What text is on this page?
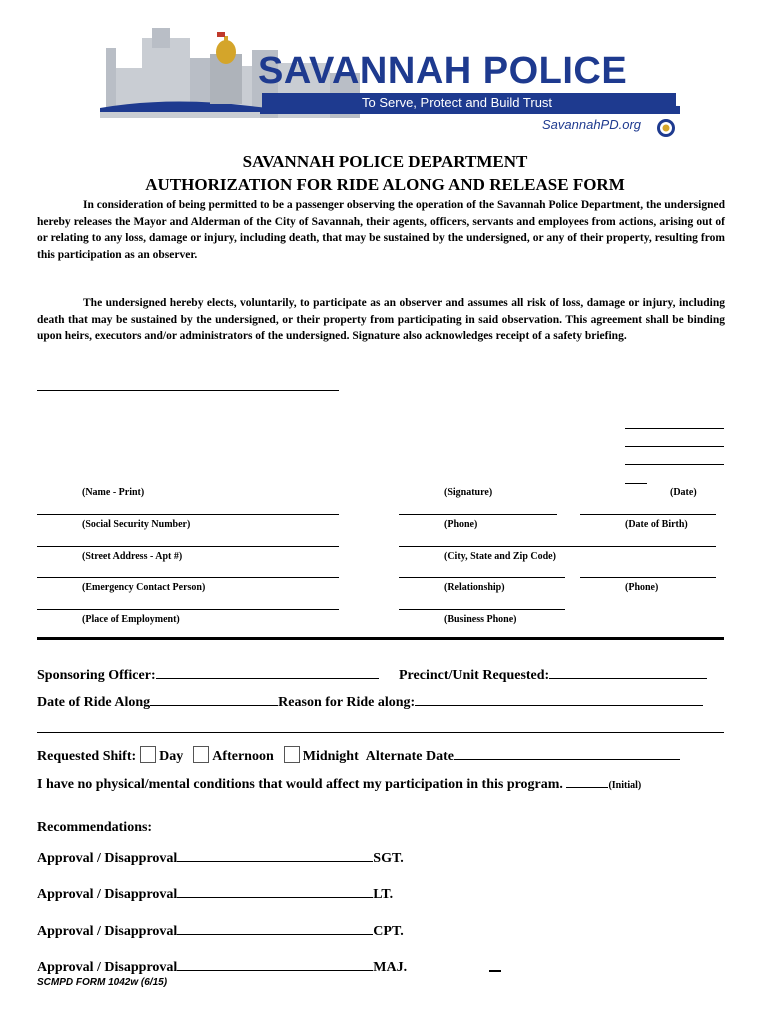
SAVANNAH POLICE
To Serve, Protect and Build Trust
SavannahPD.org
SAVANNAH POLICE DEPARTMENT
AUTHORIZATION FOR RIDE ALONG AND RELEASE FORM
In consideration of being permitted to be a passenger observing the operation of the Savannah Police Department, the undersigned hereby releases the Mayor and Alderman of the City of Savannah, their agents, officers, servants and employees from actions, arising out of or relating to any loss, damage or injury, including death, that may be sustained by the undersigned, or any of their property, resulting from this participation as an observer.
The undersigned hereby elects, voluntarily, to participate as an observer and assumes all risk of loss, damage or injury, including death that may be sustained by the undersigned, or their property from participating in said observation. This agreement shall be binding upon heirs, executors and/or administrators of the undersigned. Signature also acknowledges receipt of a safety briefing.
(Name - Print)	(Signature)	(Date)
(Social Security Number)	(Phone)	(Date of Birth)
(Street Address - Apt #)	(City, State and Zip Code)
(Emergency Contact Person)	(Relationship)	(Phone)
(Place of Employment)	(Business Phone)
Sponsoring Officer:	Precinct/Unit Requested:
Date of Ride Along	Reason for Ride along:
Requested Shift: Day Afternoon Midnight Alternate Date
I have no physical/mental conditions that would affect my participation in this program.	(Initial)
Recommendations:
Approval / Disapproval	SGT.
Approval / Disapproval	LT.
Approval / Disapproval	CPT.
Approval / Disapproval	MAJ.
SCMPD FORM 1042w (6/15)
